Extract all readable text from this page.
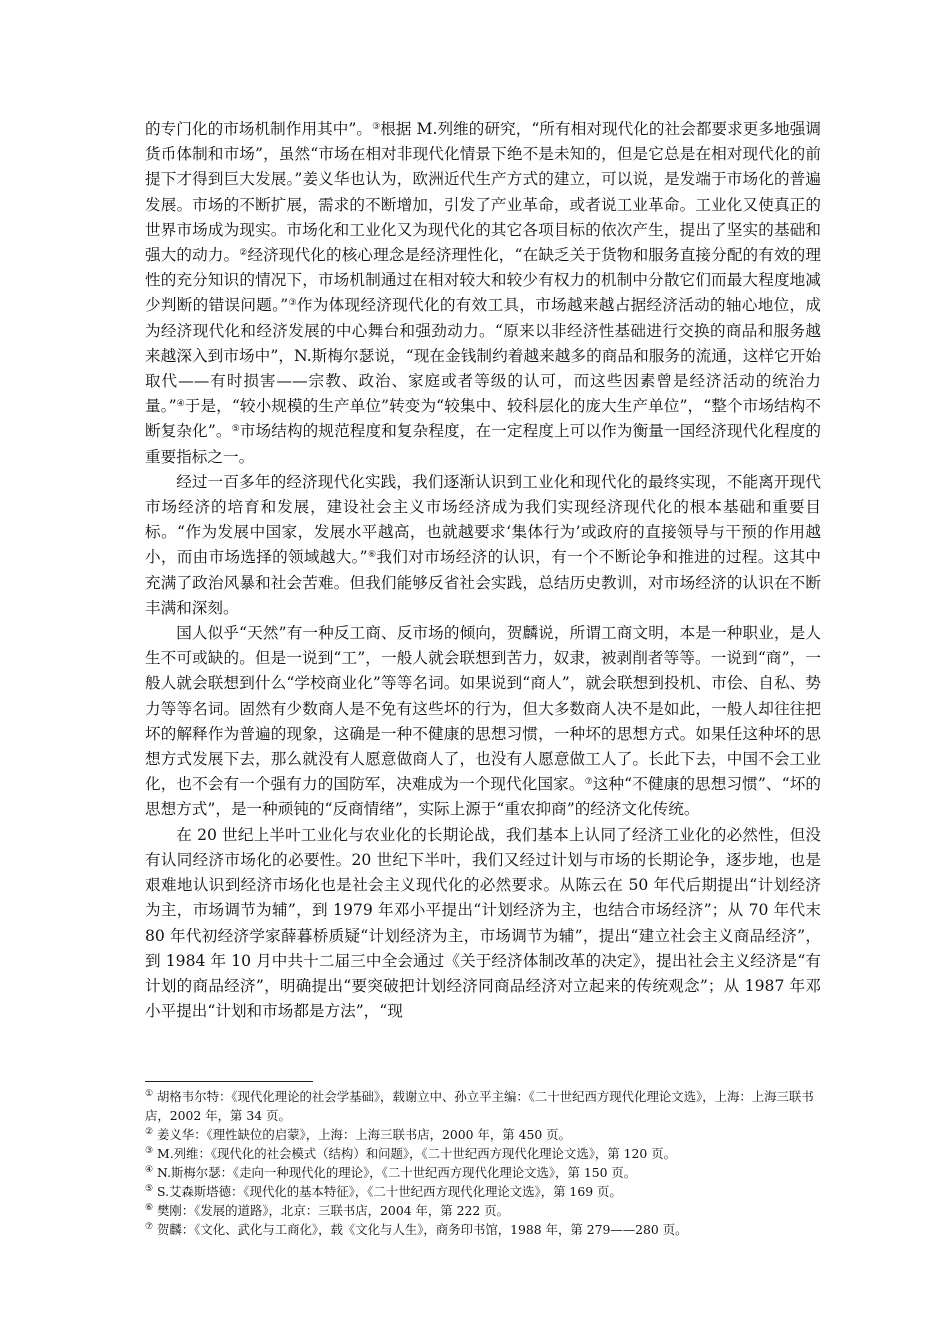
的专门化的市场机制作用其中”。③根据 M.列维的研究，“所有相对现代化的社会都要求更多地强调货币体制和市场”，虽然“市场在相对非现代化情景下绝不是未知的，但是它总是在相对现代化的前提下才得到巨大发展。”姜义华也认为，欧洲近代生产方式的建立，可以说，是发端于市场化的普遍发展。市场的不断扩展，需求的不断增加，引发了产业革命，或者说工业革命。工业化又使真正的世界市场成为现实。市场化和工业化又为现代化的其它各项目标的依次产生，提出了坚实的基础和强大的动力。②经济现代化的核心理念是经济理性化，“在缺乏关于货物和服务直接分配的有效的理性的充分知识的情况下，市场机制通过在相对较大和较少有权力的机制中分散它们而最大程度地减少判断的错误问题。”③作为体现经济现代化的有效工具，市场越来越占据经济活动的轴心地位，成为经济现代化和经济发展的中心舞台和强劲动力。“原来以非经济性基础进行交换的商品和服务越来越深入到市场中”，N.斯梅尔瑟说，“现在金钱制约着越来越多的商品和服务的流通，这样它开始取代——有时损害——宗教、政治、家庭或者等级的认可，而这些因素曾是经济活动的统治力量。”④于是，“较小规模的生产单位”转变为“较集中、较科层化的庞大生产单位”，“整个市场结构不断复杂化”。⑤市场结构的规范程度和复杂程度，在一定程度上可以作为衡量一国经济现代化程度的重要指标之一。

经过一百多年的经济现代化实践，我们逐渐认识到工业化和现代化的最终实现，不能离开现代市场经济的培育和发展，建设社会主义市场经济成为我们实现经济现代化的根本基础和重要目标。“作为发展中国家，发展水平越高，也就越要求‘集体行为’或政府的直接领导与干预的作用越小，而由市场选择的领域越大。”⑥我们对市场经济的认识，有一个不断论争和推进的过程。这其中充满了政治风暴和社会苦难。但我们能够反省社会实践，总结历史教训，对市场经济的认识在不断丰满和深刻。

国人似乎“天然”有一种反工商、反市场的倾向，贺麟说，所谓工商文明，本是一种职业，是人生不可或缺的。但是一说到“工”，一般人就会联想到苦力，奴隶，被剥削者等等。一说到“商”，一般人就会联想到什么“学校商业化”等等名词。如果说到“商人”，就会联想到投机、市侩、自私、势力等等名词。固然有少数商人是不免有这些坏的行为，但大多数商人决不是如此，一般人却往往把坏的解释作为普遍的现象，这确是一种不健康的思想习惯，一种坏的思想方式。如果任这种坏的思想方式发展下去，那么就没有人愿意做商人了，也没有人愿意做工人了。长此下去，中国不会工业化，也不会有一个强有力的国防军，决难成为一个现代化国家。⑦这种“不健康的思想习惯”、“坏的思想方式”，是一种顽钝的“反商情绪”，实际上源于“重农抑商”的经济文化传统。

在 20 世纪上半叶工业化与农业化的长期论战，我们基本上认同了经济工业化的必然性，但没有认同经济市场化的必要性。20 世纪下半叶，我们又经过计划与市场的长期论争，逐步地，也是艰难地认识到经济市场化也是社会主义现代化的必然要求。从陈云在 50 年代后期提出“计划经济为主，市场调节为辅”，到 1979 年邓小平提出“计划经济为主，也结合市场经济”；从 70 年代末 80 年代初经济学家薛暮桥质疑“计划经济为主，市场调节为辅”，提出“建立社会主义商品经济”，到 1984 年 10 月中共十二届三中全会通过《关于经济体制改革的决定》，提出社会主义经济是“有计划的商品经济”，明确提出“要突破把计划经济同商品经济对立起来的传统观念”；从 1987 年邓小平提出“计划和市场都是方法”，“现

① 胡格韦尔特：《现代化理论的社会学基础》，载谢立中、孙立平主编：《二十世纪西方现代化理论文选》，上海：上海三联书店，2002 年，第 34 页。
② 姜义华：《理性缺位的启蒙》，上海：上海三联书店，2000 年，第 450 页。
③ M.列维：《现代化的社会模式（结构）和问题》，《二十世纪西方现代化理论文选》，第 120 页。
④ N.斯梅尔瑟：《走向一种现代化的理论》，《二十世纪西方现代化理论文选》，第 150 页。
⑤ S.艾森斯塔德：《现代化的基本特征》，《二十世纪西方现代化理论文选》，第 169 页。
⑥ 樊刚：《发展的道路》，北京：三联书店，2004 年，第 222 页。
⑦ 贺麟：《文化、武化与工商化》，载《文化与人生》，商务印书馆，1988 年，第 279——280 页。
